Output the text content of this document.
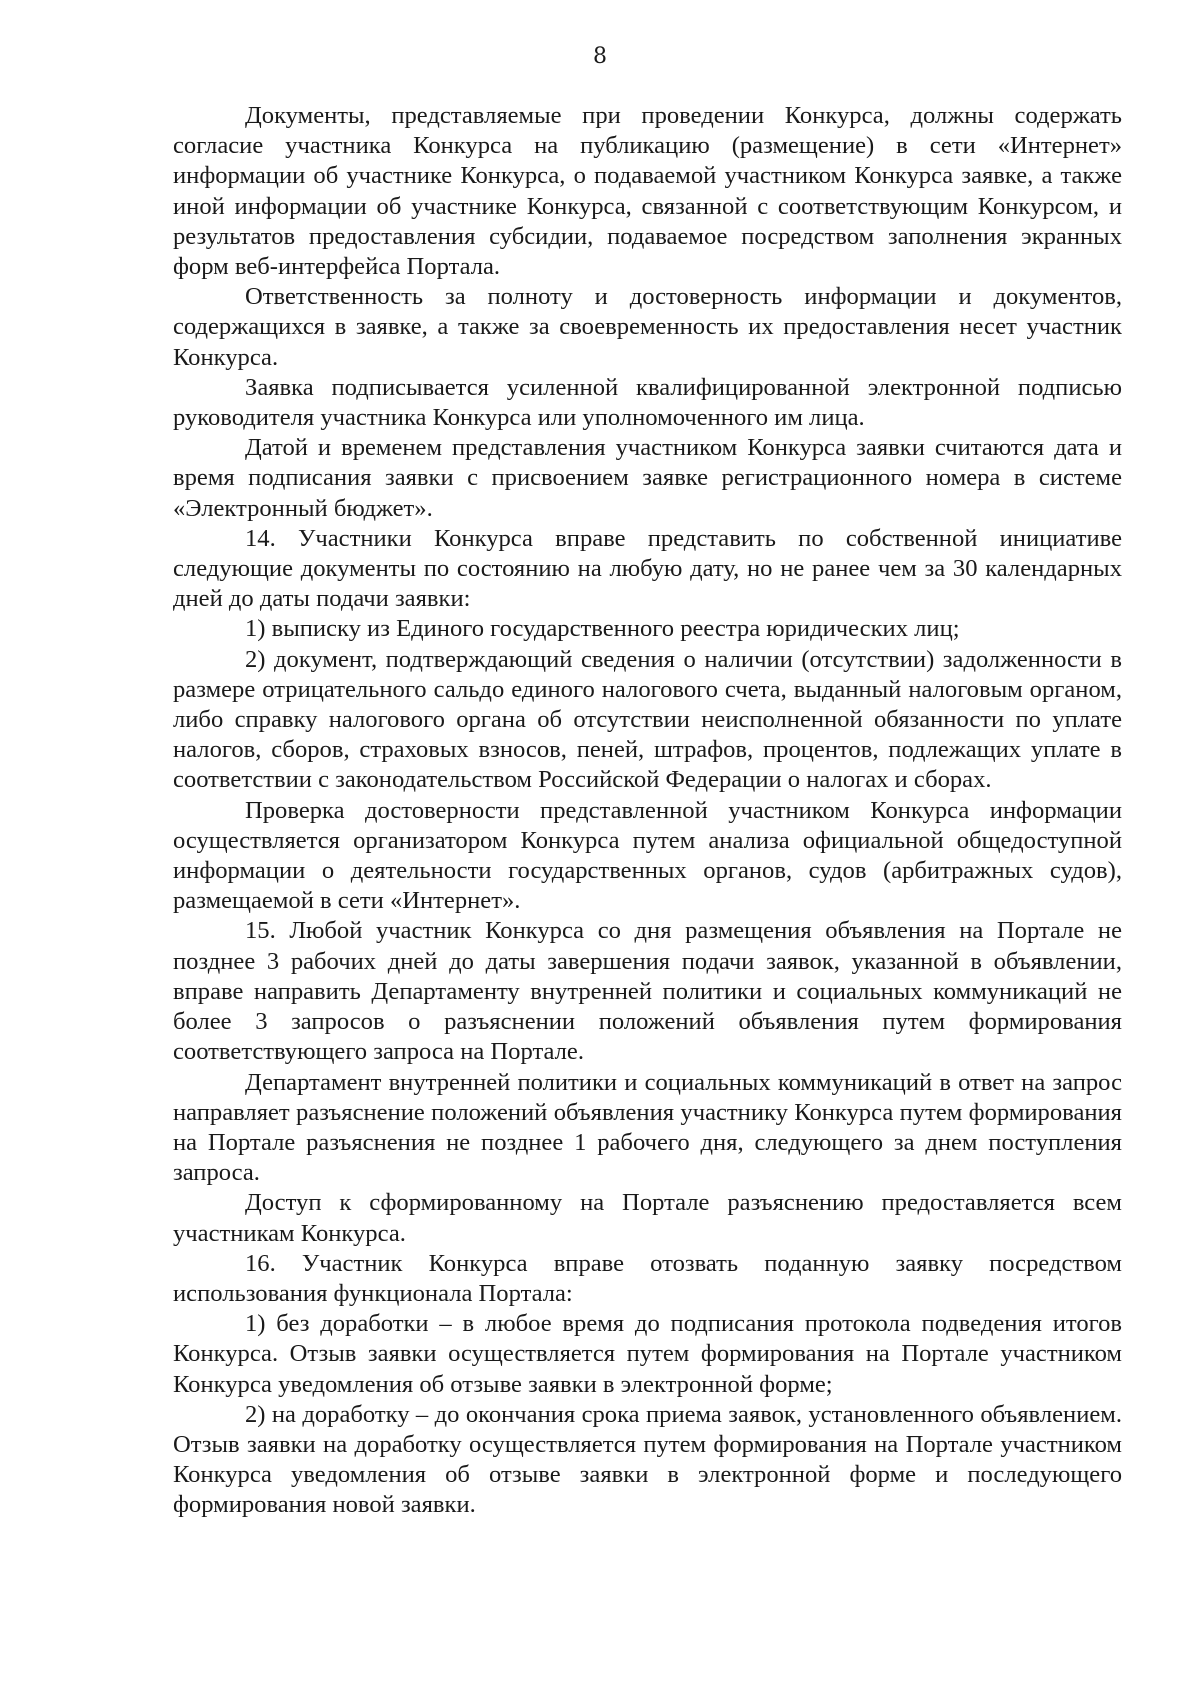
8

Документы, представляемые при проведении Конкурса, должны содержать согласие участника Конкурса на публикацию (размещение) в сети «Интернет» информации об участнике Конкурса, о подаваемой участником Конкурса заявке, а также иной информации об участнике Конкурса, связанной с соответствующим Конкурсом, и результатов предоставления субсидии, подаваемое посредством заполнения экранных форм веб-интерфейса Портала.

Ответственность за полноту и достоверность информации и документов, содержащихся в заявке, а также за своевременность их предоставления несет участник Конкурса.

Заявка подписывается усиленной квалифицированной электронной подписью руководителя участника Конкурса или уполномоченного им лица.

Датой и временем представления участником Конкурса заявки считаются дата и время подписания заявки с присвоением заявке регистрационного номера в системе «Электронный бюджет».

14. Участники Конкурса вправе представить по собственной инициативе следующие документы по состоянию на любую дату, но не ранее чем за 30 календарных дней до даты подачи заявки:

1) выписку из Единого государственного реестра юридических лиц;

2) документ, подтверждающий сведения о наличии (отсутствии) задолженности в размере отрицательного сальдо единого налогового счета, выданный налоговым органом, либо справку налогового органа об отсутствии неисполненной обязанности по уплате налогов, сборов, страховых взносов, пеней, штрафов, процентов, подлежащих уплате в соответствии с законодательством Российской Федерации о налогах и сборах.

Проверка достоверности представленной участником Конкурса информации осуществляется организатором Конкурса путем анализа официальной общедоступной информации о деятельности государственных органов, судов (арбитражных судов), размещаемой в сети «Интернет».

15. Любой участник Конкурса со дня размещения объявления на Портале не позднее 3 рабочих дней до даты завершения подачи заявок, указанной в объявлении, вправе направить Департаменту внутренней политики и социальных коммуникаций не более 3 запросов о разъяснении положений объявления путем формирования соответствующего запроса на Портале.

Департамент внутренней политики и социальных коммуникаций в ответ на запрос направляет разъяснение положений объявления участнику Конкурса путем формирования на Портале разъяснения не позднее 1 рабочего дня, следующего за днем поступления запроса.

Доступ к сформированному на Портале разъяснению предоставляется всем участникам Конкурса.

16. Участник Конкурса вправе отозвать поданную заявку посредством использования функционала Портала:

1) без доработки – в любое время до подписания протокола подведения итогов Конкурса. Отзыв заявки осуществляется путем формирования на Портале участником Конкурса уведомления об отзыве заявки в электронной форме;

2) на доработку – до окончания срока приема заявок, установленного объявлением. Отзыв заявки на доработку осуществляется путем формирования на Портале участником Конкурса уведомления об отзыве заявки в электронной форме и последующего формирования новой заявки.
